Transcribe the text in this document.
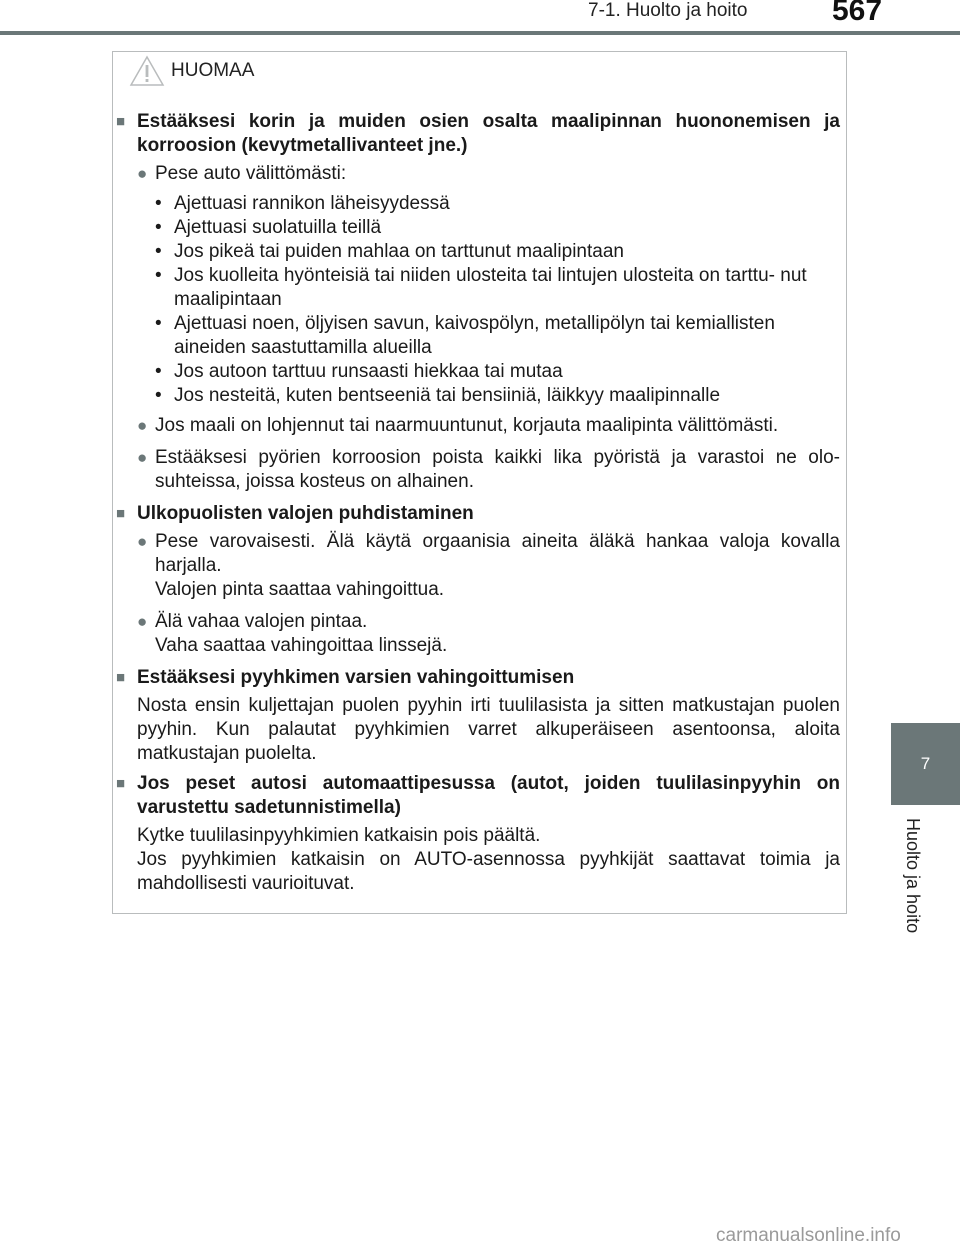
7-1. Huolto ja hoito	567
7
Huolto ja hoito
HUOMAA
■ Estääksesi korin ja muiden osien osalta maalipinnan huononemisen ja korroosion (kevytmetallivanteet jne.)
● Pese auto välittömästi:
• Ajettuasi rannikon läheisyydessä
• Ajettuasi suolatuilla teillä
• Jos pikeä tai puiden mahlaa on tarttunut maalipintaan
• Jos kuolleita hyönteisiä tai niiden ulosteita tai lintujen ulosteita on tarttu- nut maalipintaan
• Ajettuasi noen, öljyisen savun, kaivospölyn, metallipölyn tai kemiallisten aineiden saastuttamilla alueilla
• Jos autoon tarttuu runsaasti hiekkaa tai mutaa
• Jos nesteitä, kuten bentseeniä tai bensiiniä, läikkyy maalipinnalle
● Jos maali on lohjennut tai naarmuuntunut, korjauta maalipinta välittömästi.
● Estääksesi pyörien korroosion poista kaikki lika pyöristä ja varastoi ne olo- suhteissa, joissa kosteus on alhainen.
■ Ulkopuolisten valojen puhdistaminen
● Pese varovaisesti. Älä käytä orgaanisia aineita äläkä hankaa valoja kovalla harjalla.
Valojen pinta saattaa vahingoittua.
● Älä vahaa valojen pintaa.
Vaha saattaa vahingoittaa linssejä.
■ Estääksesi pyyhkimen varsien vahingoittumisen
Nosta ensin kuljettajan puolen pyyhin irti tuulilasista ja sitten matkustajan puolen pyyhin. Kun palautat pyyhkimien varret alkuperäiseen asentoonsa, aloita matkustajan puolelta.
■ Jos peset autosi automaattipesussa (autot, joiden tuulilasinpyyhin on varustettu sadetunnistimella)
Kytke tuulilasinpyyhkimien katkaisin pois päältä.
Jos pyyhkimien katkaisin on AUTO-asennossa pyyhkijät saattavat toimia ja mahdollisesti vaurioituvat.
carmanualsonline.info
